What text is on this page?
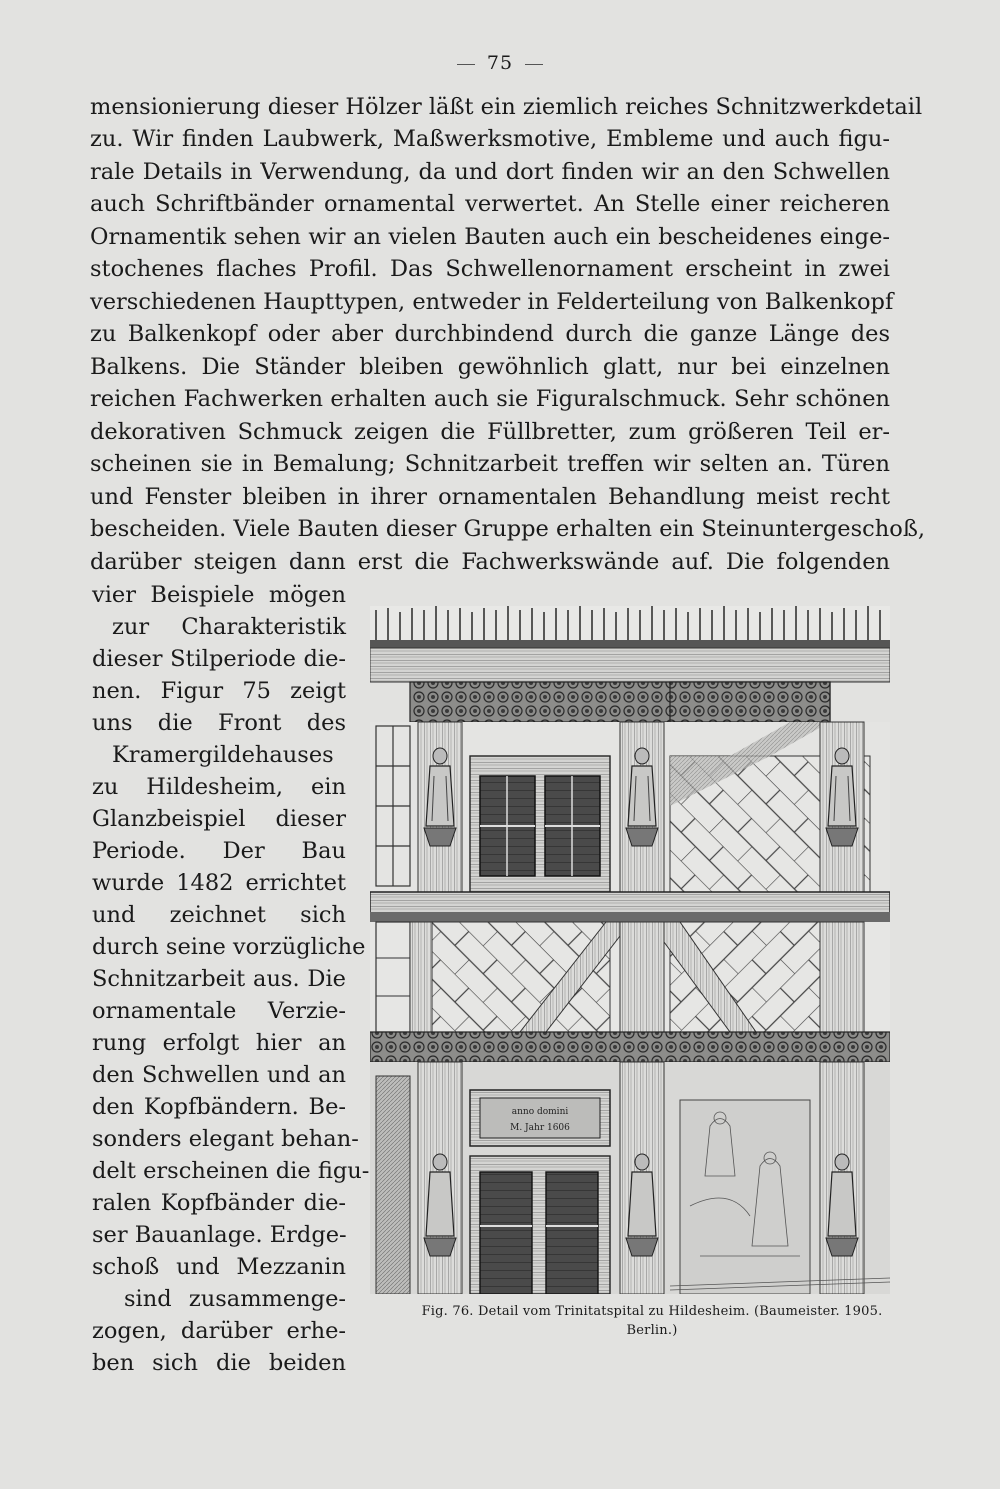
75
mensionierung dieser Hölzer läßt ein ziemlich reiches Schnitzwerkdetail
zu. Wir finden Laubwerk, Maßwerksmotive, Embleme und auch figu-
rale Details in Verwendung, da und dort finden wir an den Schwellen
auch Schriftbänder ornamental verwertet. An Stelle einer reicheren
Ornamentik sehen wir an vielen Bauten auch ein bescheidenes einge-
stochenes flaches Profil. Das Schwellenornament erscheint in zwei
verschiedenen Haupttypen, entweder in Felderteilung von Balkenkopf
zu Balkenkopf oder aber durchbindend durch die ganze Länge des
Balkens. Die Ständer bleiben gewöhnlich glatt, nur bei einzelnen
reichen Fachwerken erhalten auch sie Figuralschmuck. Sehr schönen
dekorativen Schmuck zeigen die Füllbretter, zum größeren Teil er-
scheinen sie in Bemalung; Schnitzarbeit treffen wir selten an. Türen
und Fenster bleiben in ihrer ornamentalen Behandlung meist recht
bescheiden. Viele Bauten dieser Gruppe erhalten ein Steinuntergeschoß,
darüber steigen dann erst die Fachwerkswände auf. Die folgenden
vier Beispiele mögen
zur Charakteristik
dieser Stilperiode die-
nen. Figur 75 zeigt
uns die Front des
Kramergildehauses
zu Hildesheim, ein
Glanzbeispiel dieser
Periode. Der Bau
wurde 1482 errichtet
und zeichnet sich
durch seine vorzügliche
Schnitzarbeit aus. Die
ornamentale Verzie-
rung erfolgt hier an
den Schwellen und an
den Kopfbändern. Be-
sonders elegant behan-
delt erscheinen die figu-
ralen Kopfbänder die-
ser Bauanlage. Erdge-
schoß und Mezzanin
sind zusammenge-
zogen, darüber erhe-
ben sich die beiden
anno domini
M. Jahr 1606
Fig. 76. Detail vom Trinitatspital zu Hildesheim. (Baumeister. 1905.
Berlin.)
